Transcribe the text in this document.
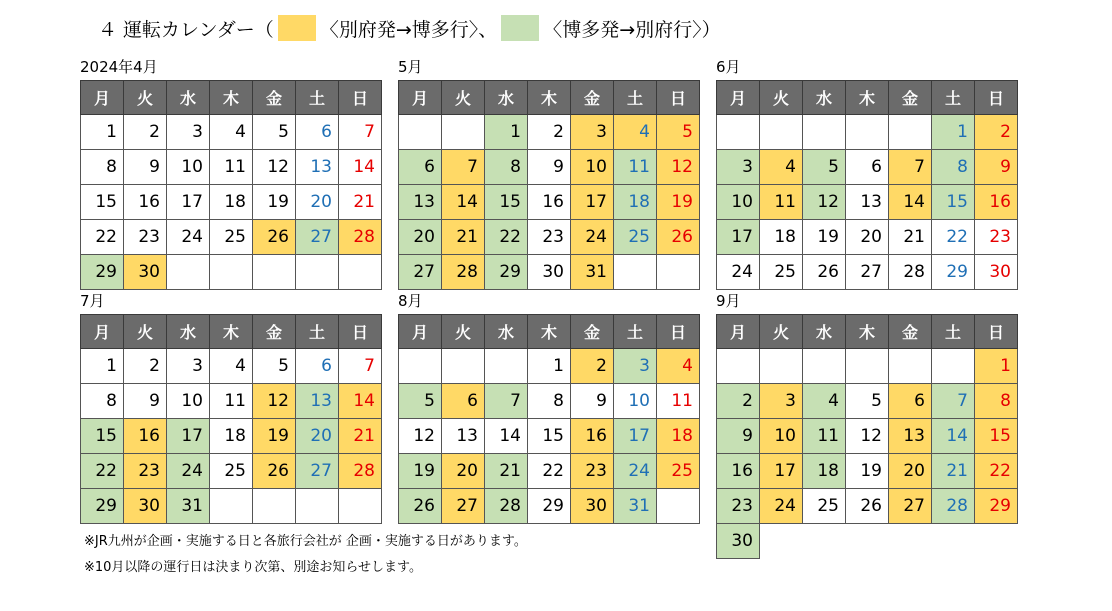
４ 運転カレンダー（ 〈別府発→博多行〉、 〈博多発→別府行〉）
2024年4月
月	火	水	木	金	土	日
1	2	3	4	5	6	7
8	9	10	11	12	13	14
15	16	17	18	19	20	21
22	23	24	25	26	27	28
29	30					
5月
月	火	水	木	金	土	日
		1	2	3	4	5
6	7	8	9	10	11	12
13	14	15	16	17	18	19
20	21	22	23	24	25	26
27	28	29	30	31		
6月
月	火	水	木	金	土	日
					1	2
3	4	5	6	7	8	9
10	11	12	13	14	15	16
17	18	19	20	21	22	23
24	25	26	27	28	29	30
7月
月	火	水	木	金	土	日
1	2	3	4	5	6	7
8	9	10	11	12	13	14
15	16	17	18	19	20	21
22	23	24	25	26	27	28
29	30	31				
8月
月	火	水	木	金	土	日
			1	2	3	4
5	6	7	8	9	10	11
12	13	14	15	16	17	18
19	20	21	22	23	24	25
26	27	28	29	30	31	
9月
月	火	水	木	金	土	日
						1
2	3	4	5	6	7	8
9	10	11	12	13	14	15
16	17	18	19	20	21	22
23	24	25	26	27	28	29
30						
※JR九州が企画・実施する日と各旅行会社が 企画・実施する日があります。
※10月以降の運行日は決まり次第、別途お知らせします。
